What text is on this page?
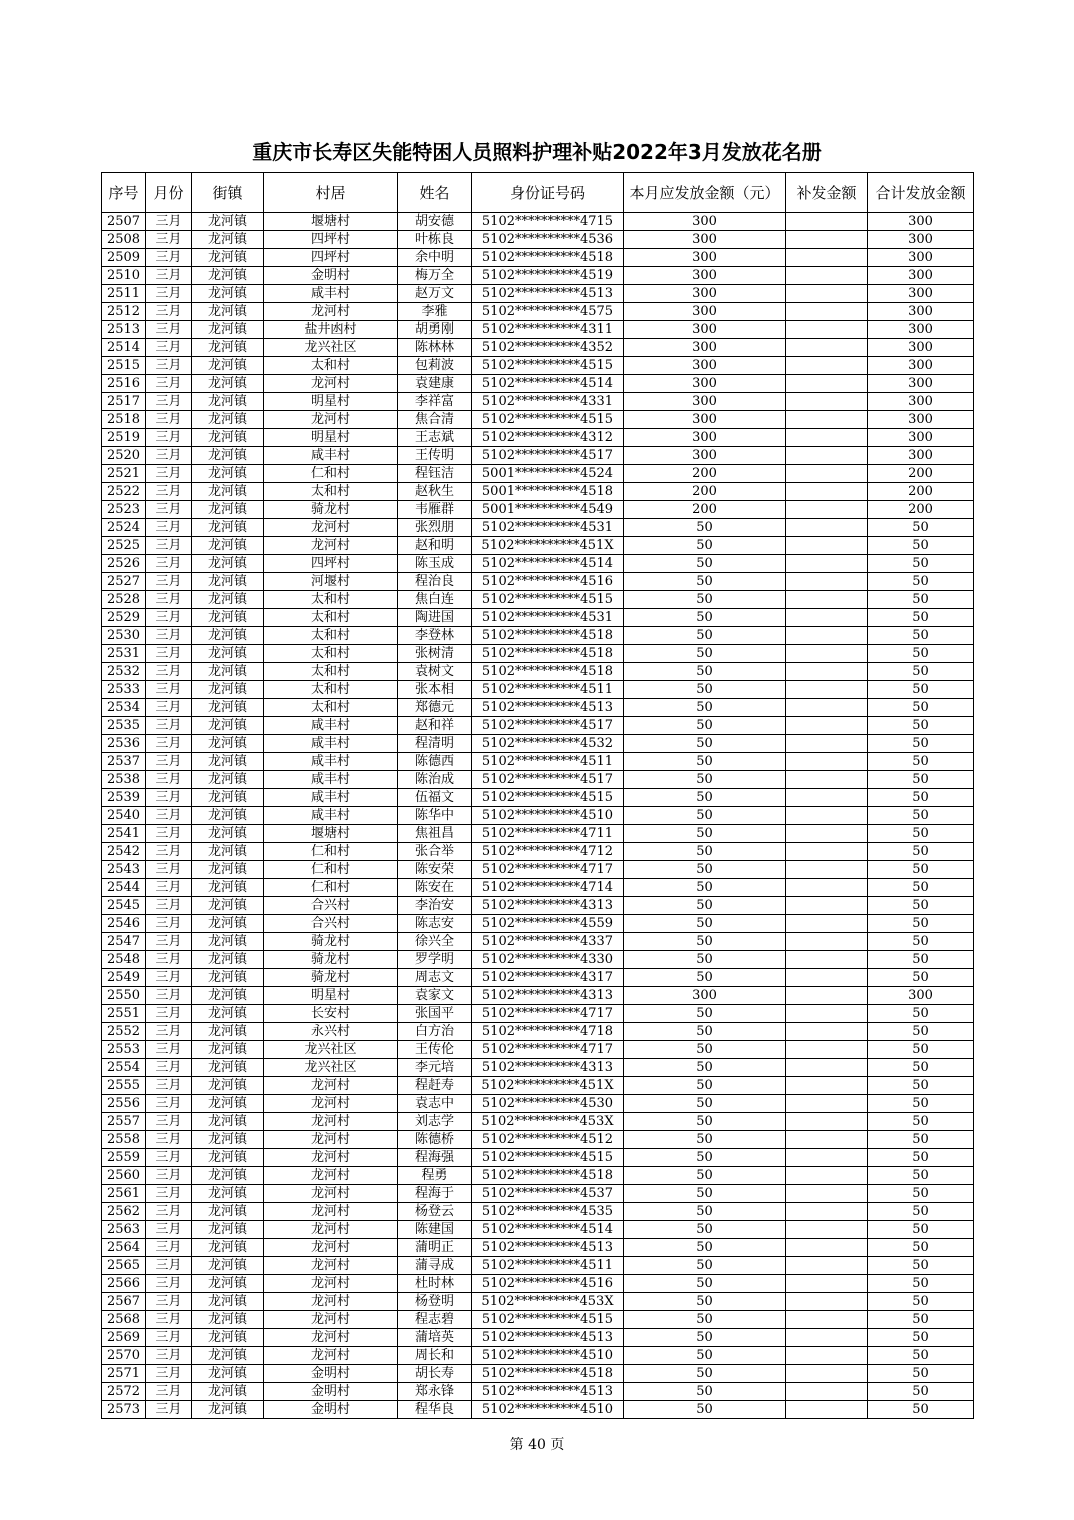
重庆市长寿区失能特困人员照料护理补贴2022年3月发放花名册
序号	月份	街镇	村居	姓名	身份证号码	本月应发放金额（元）	补发金额	合计发放金额
2507	三月	龙河镇	堰塘村	胡安德	5102**********4715	300		300
2508	三月	龙河镇	四坪村	叶栋良	5102**********4536	300		300
2509	三月	龙河镇	四坪村	余中明	5102**********4518	300		300
2510	三月	龙河镇	金明村	梅万全	5102**********4519	300		300
2511	三月	龙河镇	咸丰村	赵万文	5102**********4513	300		300
2512	三月	龙河镇	龙河村	李雅	5102**********4575	300		300
2513	三月	龙河镇	盐井凼村	胡勇刚	5102**********4311	300		300
2514	三月	龙河镇	龙兴社区	陈林林	5102**********4352	300		300
2515	三月	龙河镇	太和村	包莉波	5102**********4515	300		300
2516	三月	龙河镇	龙河村	袁建康	5102**********4514	300		300
2517	三月	龙河镇	明星村	李祥富	5102**********4331	300		300
2518	三月	龙河镇	龙河村	焦合清	5102**********4515	300		300
2519	三月	龙河镇	明星村	王志斌	5102**********4312	300		300
2520	三月	龙河镇	咸丰村	王传明	5102**********4517	300		300
2521	三月	龙河镇	仁和村	程钰洁	5001**********4524	200		200
2522	三月	龙河镇	太和村	赵秋生	5001**********4518	200		200
2523	三月	龙河镇	骑龙村	韦雁群	5001**********4549	200		200
2524	三月	龙河镇	龙河村	张烈朋	5102**********4531	50		50
2525	三月	龙河镇	龙河村	赵和明	5102**********451X	50		50
2526	三月	龙河镇	四坪村	陈玉成	5102**********4514	50		50
2527	三月	龙河镇	河堰村	程治良	5102**********4516	50		50
2528	三月	龙河镇	太和村	焦白连	5102**********4515	50		50
2529	三月	龙河镇	太和村	陶进国	5102**********4531	50		50
2530	三月	龙河镇	太和村	李登林	5102**********4518	50		50
2531	三月	龙河镇	太和村	张树清	5102**********4518	50		50
2532	三月	龙河镇	太和村	袁树文	5102**********4518	50		50
2533	三月	龙河镇	太和村	张本相	5102**********4511	50		50
2534	三月	龙河镇	太和村	郑德元	5102**********4513	50		50
2535	三月	龙河镇	咸丰村	赵和祥	5102**********4517	50		50
2536	三月	龙河镇	咸丰村	程清明	5102**********4532	50		50
2537	三月	龙河镇	咸丰村	陈德西	5102**********4511	50		50
2538	三月	龙河镇	咸丰村	陈治成	5102**********4517	50		50
2539	三月	龙河镇	咸丰村	伍福文	5102**********4515	50		50
2540	三月	龙河镇	咸丰村	陈华中	5102**********4510	50		50
2541	三月	龙河镇	堰塘村	焦祖昌	5102**********4711	50		50
2542	三月	龙河镇	仁和村	张合举	5102**********4712	50		50
2543	三月	龙河镇	仁和村	陈安荣	5102**********4717	50		50
2544	三月	龙河镇	仁和村	陈安在	5102**********4714	50		50
2545	三月	龙河镇	合兴村	李治安	5102**********4313	50		50
2546	三月	龙河镇	合兴村	陈志安	5102**********4559	50		50
2547	三月	龙河镇	骑龙村	徐兴全	5102**********4337	50		50
2548	三月	龙河镇	骑龙村	罗学明	5102**********4330	50		50
2549	三月	龙河镇	骑龙村	周志文	5102**********4317	50		50
2550	三月	龙河镇	明星村	袁家文	5102**********4313	300		300
2551	三月	龙河镇	长安村	张国平	5102**********4717	50		50
2552	三月	龙河镇	永兴村	白方治	5102**********4718	50		50
2553	三月	龙河镇	龙兴社区	王传伦	5102**********4717	50		50
2554	三月	龙河镇	龙兴社区	李元培	5102**********4313	50		50
2555	三月	龙河镇	龙河村	程赶寿	5102**********451X	50		50
2556	三月	龙河镇	龙河村	袁志中	5102**********4530	50		50
2557	三月	龙河镇	龙河村	刘志学	5102**********453X	50		50
2558	三月	龙河镇	龙河村	陈德桥	5102**********4512	50		50
2559	三月	龙河镇	龙河村	程海强	5102**********4515	50		50
2560	三月	龙河镇	龙河村	程勇	5102**********4518	50		50
2561	三月	龙河镇	龙河村	程海于	5102**********4537	50		50
2562	三月	龙河镇	龙河村	杨登云	5102**********4535	50		50
2563	三月	龙河镇	龙河村	陈建国	5102**********4514	50		50
2564	三月	龙河镇	龙河村	蒲明正	5102**********4513	50		50
2565	三月	龙河镇	龙河村	蒲寻成	5102**********4511	50		50
2566	三月	龙河镇	龙河村	杜时林	5102**********4516	50		50
2567	三月	龙河镇	龙河村	杨登明	5102**********453X	50		50
2568	三月	龙河镇	龙河村	程志碧	5102**********4515	50		50
2569	三月	龙河镇	龙河村	蒲培英	5102**********4513	50		50
2570	三月	龙河镇	龙河村	周长和	5102**********4510	50		50
2571	三月	龙河镇	金明村	胡长寿	5102**********4518	50		50
2572	三月	龙河镇	金明村	郑永锋	5102**********4513	50		50
2573	三月	龙河镇	金明村	程华良	5102**********4510	50		50
第 40 页
